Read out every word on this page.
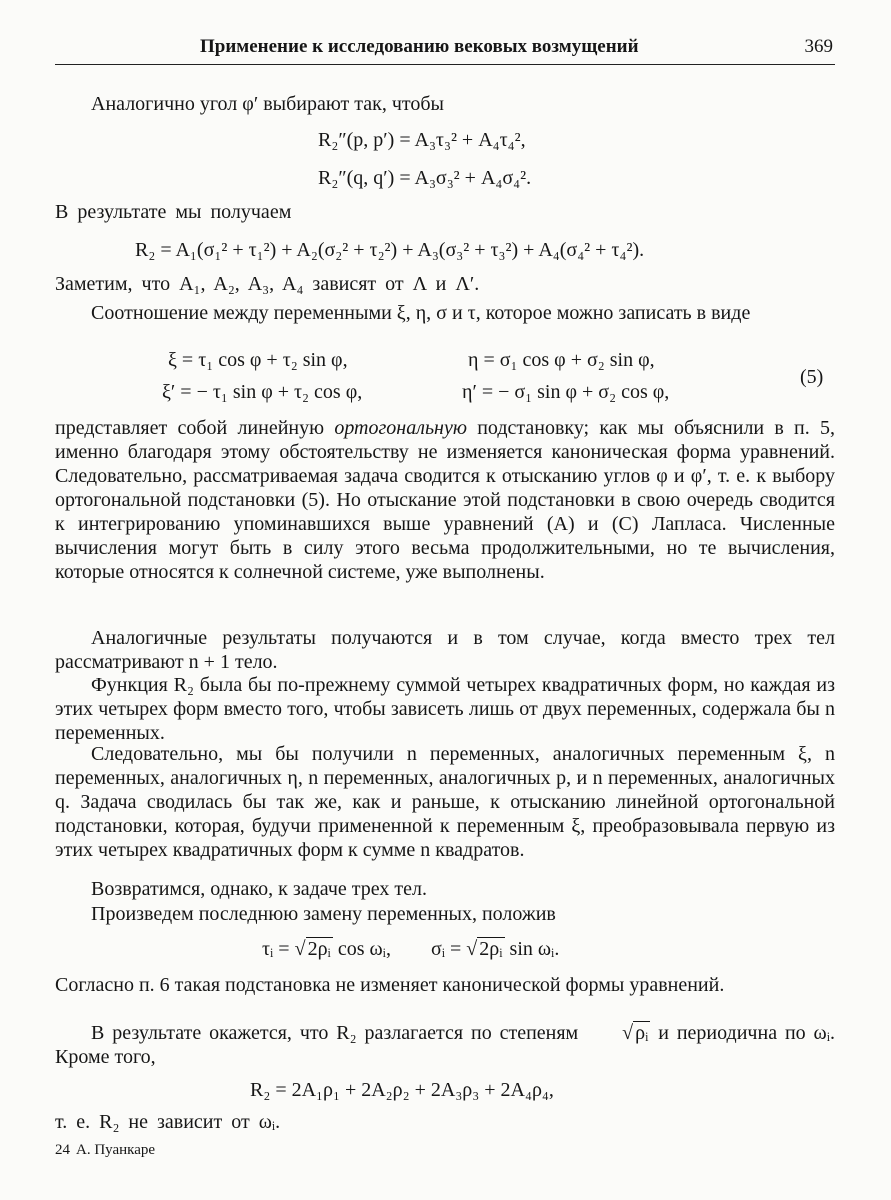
Применение к исследованию вековых возмущений	369
Аналогично угол φ′ выбирают так, чтобы
R₂″(p, p′) = A₃τ₃² + A₄τ₄²,
R₂″(q, q′) = A₃σ₃² + A₄σ₄².
В результате мы получаем
R₂ = A₁(σ₁² + τ₁²) + A₂(σ₂² + τ₂²) + A₃(σ₃² + τ₃²) + A₄(σ₄² + τ₄²).
Заметим, что A₁, A₂, A₃, A₄ зависят от Λ и Λ′.
Соотношение между переменными ξ, η, σ и τ, которое можно записать в виде
ξ = τ₁ cos φ + τ₂ sin φ,	η = σ₁ cos φ + σ₂ sin φ,
ξ′ = − τ₁ sin φ + τ₂ cos φ,	η′ = − σ₁ sin φ + σ₂ cos φ,
(5)
представляет собой линейную ортогональную подстановку; как мы объяснили в п. 5, именно благодаря этому обстоятельству не изменяется каноническая форма уравнений. Следовательно, рассматриваемая задача сводится к отысканию углов φ и φ′, т. е. к выбору ортогональной подстановки (5). Но отыскание этой подстановки в свою очередь сводится к интегрированию упоминавшихся выше уравнений (A) и (C) Лапласа. Численные вычисления могут быть в силу этого весьма продолжительными, но те вычисления, которые относятся к солнечной системе, уже выполнены.
Аналогичные результаты получаются и в том случае, когда вместо трех тел рассматривают n + 1 тело.
Функция R₂ была бы по-прежнему суммой четырех квадратичных форм, но каждая из этих четырех форм вместо того, чтобы зависеть лишь от двух переменных, содержала бы n переменных.
Следовательно, мы бы получили n переменных, аналогичных переменным ξ, n переменных, аналогичных η, n переменных, аналогичных p, и n переменных, аналогичных q. Задача сводилась бы так же, как и раньше, к отысканию линейной ортогональной подстановки, которая, будучи примененной к переменным ξ, преобразовывала первую из этих четырех квадратичных форм к сумме n квадратов.
Возвратимся, однако, к задаче трех тел.
Произведем последнюю замену переменных, положив
τᵢ = √ 2ρᵢ cos ωᵢ, σᵢ = √ 2ρᵢ sin ωᵢ.
Согласно п. 6 такая подстановка не изменяет канонической формы уравнений.
В результате окажется, что R₂ разлагается по степеням √ ρᵢ и периодична по ωᵢ. Кроме того,
R₂ = 2A₁ρ₁ + 2A₂ρ₂ + 2A₃ρ₃ + 2A₄ρ₄,
т. е. R₂ не зависит от ωᵢ.
24 А. Пуанкаре
